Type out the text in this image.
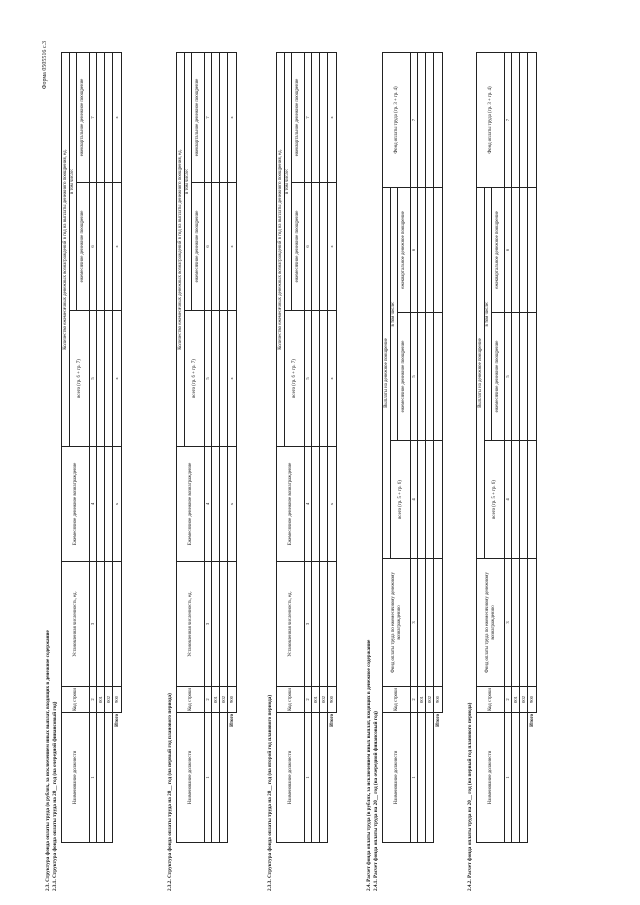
Форма 0505516 с.3
2.3. Структура фонда оплаты труда (в рублях, за исключением иных выплат, входящих в денежное содержание 2.3.1. Структура фонда оплаты труда на 20__ год (на очередной финансовый год)	Наименование должности	Код строки	Установленная численность, ед.	Ежемесячное денежное вознаграждение	Количество ежемесячных денежных вознаграждений в год на выплаты денежного поощрения, ед.		
				всего (гр. 6 + гр. 7)	в том числе:	
					ежемесячное денежное поощрение	ежеквартальное денежное поощрение
1	2	3	4	5	6	7
	001					
	002					
Итого	900		x	x	x	x
2.3.2. Структура фонда оплаты труда на 20__ год (на первый год планового периода)	Наименование должности	Код строки	Установленная численность, ед.	Ежемесячное денежное вознаграждение	Количество ежемесячных денежных вознаграждений в год на выплаты денежного поощрения, ед.		
				всего (гр. 6 + гр. 7)	в том числе:	
					ежемесячное денежное поощрение	ежеквартальное денежное поощрение
1	2	3	4	5	6	7
	001					
	002					
Итого	900		x	x	x	x
2.3.3. Структура фонда оплаты труда на 20__ год (на второй год планового периода)	Наименование должности	Код строки	Установленная численность, ед.	Ежемесячное денежное вознаграждение	Количество ежемесячных денежных вознаграждений в год на выплаты денежного поощрения, ед.		
				всего (гр. 6 + гр. 7)	в том числе:	
					ежемесячное денежное поощрение	ежеквартальное денежное поощрение
1	2	3	4	5	6	7
	001					
	002					
Итого	900		x	x	x	x
2.4. Расчет фонда оплаты труда (в рублях, за исключением иных выплат, входящих в денежное содержание 2.4.1. Расчет фонда оплаты труда на 20__ год (на очередной финансовый год)	Наименование должности	Код строки	Фонд оплаты труда по ежемесячному денежному вознаграждению	Выплаты на денежное поощрение			Фонд оплаты труда (гр. 3 + гр. 4)
			всего (гр. 5 + гр. 6)	в том числе:		
				ежемесячное денежное поощрение	ежеквартальное денежное поощрение	
1	2	3	4	5	6	7
	001					
	002					
Итого	900					
2.4.2. Расчет фонда оплаты труда на 20__ год (на первый год планового периода)	Наименование должности	Код строки	Фонд оплаты труда по ежемесячному денежному вознаграждению	Выплаты на денежное поощрение			Фонд оплаты труда (гр. 3 + гр. 4)
			всего (гр. 5 + гр. 6)	в том числе:		
				ежемесячное денежное поощрение	ежеквартальное денежное поощрение	
1	2	3	4	5	6	7
	001					
	002					
Итого	900					
